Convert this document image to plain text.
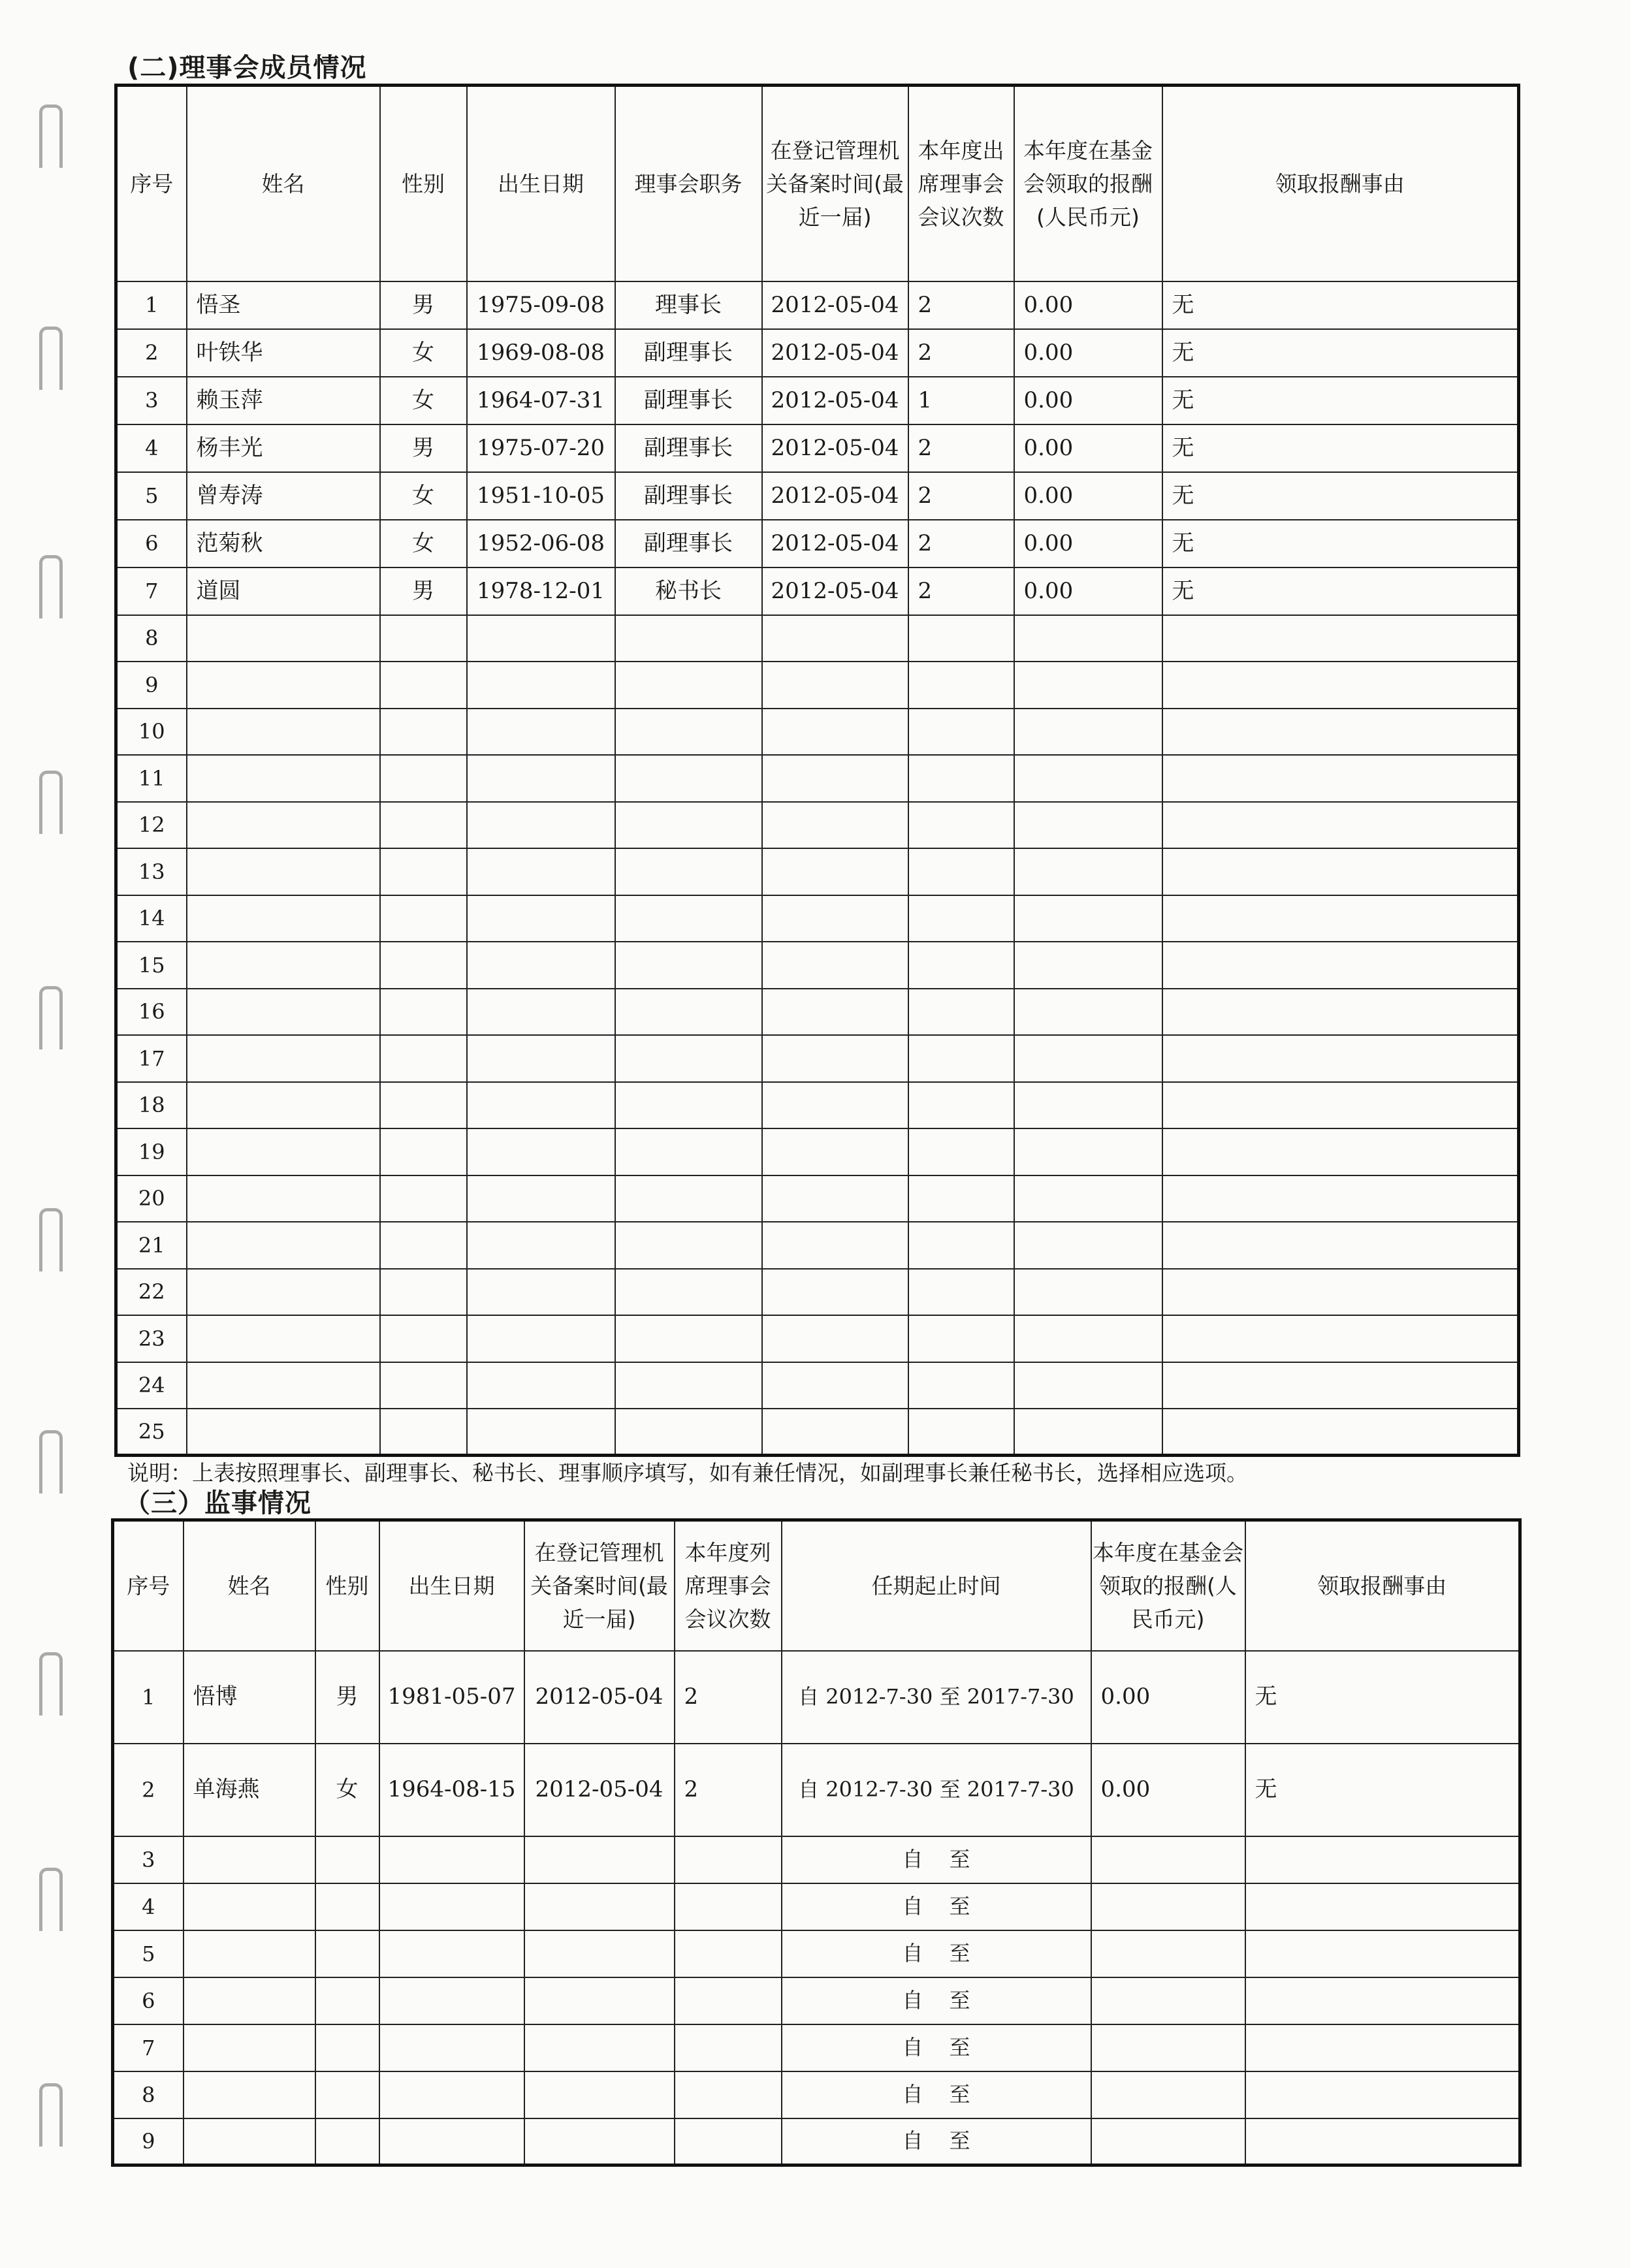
(二)理事会成员情况
序号	姓名	性别	出生日期	理事会职务	在登记管理机关备案时间(最近一届)	本年度出席理事会会议次数	本年度在基金会领取的报酬(人民币元)	领取报酬事由
1	悟圣	男	1975-09-08	理事长	2012-05-04	2	0.00	无
2	叶铁华	女	1969-08-08	副理事长	2012-05-04	2	0.00	无
3	赖玉萍	女	1964-07-31	副理事长	2012-05-04	1	0.00	无
4	杨丰光	男	1975-07-20	副理事长	2012-05-04	2	0.00	无
5	曾寿涛	女	1951-10-05	副理事长	2012-05-04	2	0.00	无
6	范菊秋	女	1952-06-08	副理事长	2012-05-04	2	0.00	无
7	道圆	男	1978-12-01	秘书长	2012-05-04	2	0.00	无
8								
9								
10								
11								
12								
13								
14								
15								
16								
17								
18								
19								
20								
21								
22								
23								
24								
25								
说明：上表按照理事长、副理事长、秘书长、理事顺序填写，如有兼任情况，如副理事长兼任秘书长，选择相应选项。
（三）监事情况
序号	姓名	性别	出生日期	在登记管理机关备案时间(最近一届)	本年度列席理事会会议次数	任期起止时间	本年度在基金会领取的报酬(人民币元)	领取报酬事由
1	悟博	男	1981-05-07	2012-05-04	2	自 2012-7-30 至 2017-7-30	0.00	无
2	单海燕	女	1964-08-15	2012-05-04	2	自 2012-7-30 至 2017-7-30	0.00	无
3						自 至		
4						自 至		
5						自 至		
6						自 至		
7						自 至		
8						自 至		
9						自 至		
